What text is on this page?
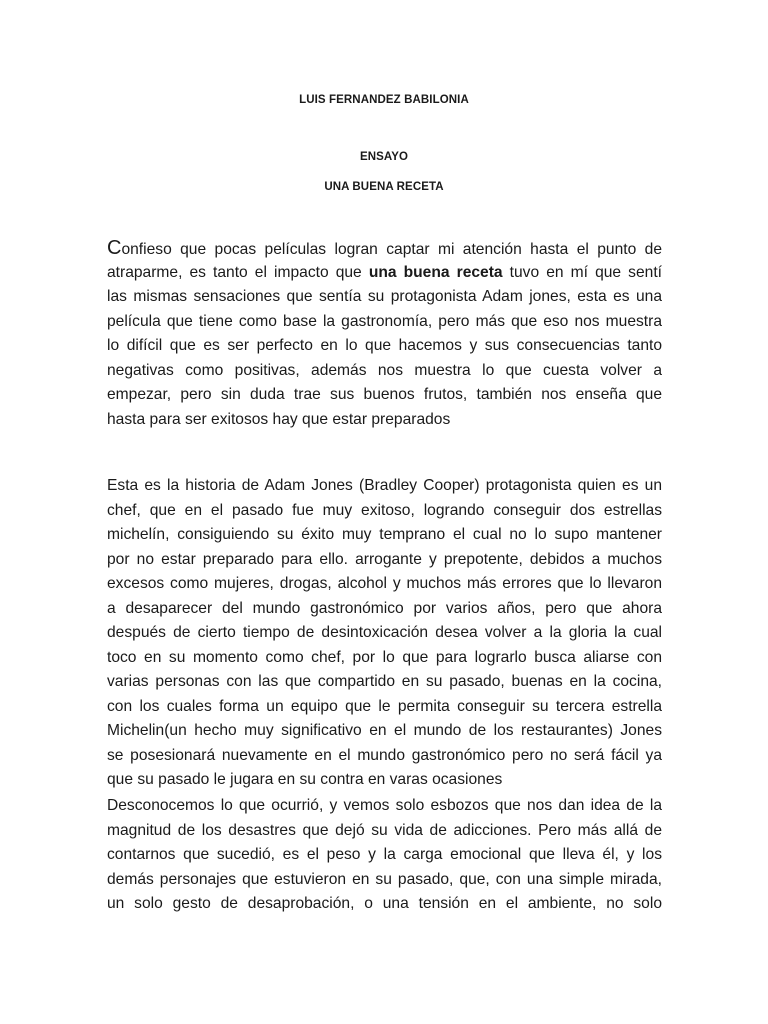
LUIS FERNANDEZ BABILONIA
ENSAYO
UNA BUENA RECETA
Confieso que pocas películas logran captar mi atención hasta el punto de
atraparme, es tanto el impacto que una buena receta tuvo en mí que sentí
las mismas sensaciones que sentía su protagonista Adam jones, esta es una
película que tiene como base la gastronomía, pero más que eso nos muestra
lo difícil que es ser perfecto en lo que hacemos y sus consecuencias tanto
negativas como positivas, además nos muestra lo que cuesta volver a
empezar, pero sin duda trae sus buenos frutos, también nos enseña que
hasta para ser exitosos hay que estar preparados
Esta es la historia de Adam Jones (Bradley Cooper) protagonista quien es un
chef, que en el pasado fue muy exitoso, logrando conseguir dos estrellas
michelín, consiguiendo su éxito muy temprano el cual no lo supo mantener
por no estar preparado para ello. arrogante y prepotente, debidos a muchos
excesos como mujeres, drogas, alcohol y muchos más errores que lo llevaron
a desaparecer del mundo gastronómico por varios años, pero que ahora
después de cierto tiempo de desintoxicación desea volver a la gloria la cual
toco en su momento como chef, por lo que para lograrlo busca aliarse con
varias personas con las que compartido en su pasado, buenas en la cocina,
con los cuales forma un equipo que le permita conseguir su tercera estrella
Michelin(un hecho muy significativo en el mundo de los restaurantes) Jones
se posesionará nuevamente en el mundo gastronómico pero no será fácil ya
que su pasado le jugara en su contra en varas ocasiones
Desconocemos lo que ocurrió, y vemos solo esbozos que nos dan idea de la
magnitud de los desastres que dejó su vida de adicciones. Pero más allá de
contarnos que sucedió, es el peso y la carga emocional que lleva él, y los
demás personajes que estuvieron en su pasado, que, con una simple mirada,
un solo gesto de desaprobación, o una tensión en el ambiente, no solo
